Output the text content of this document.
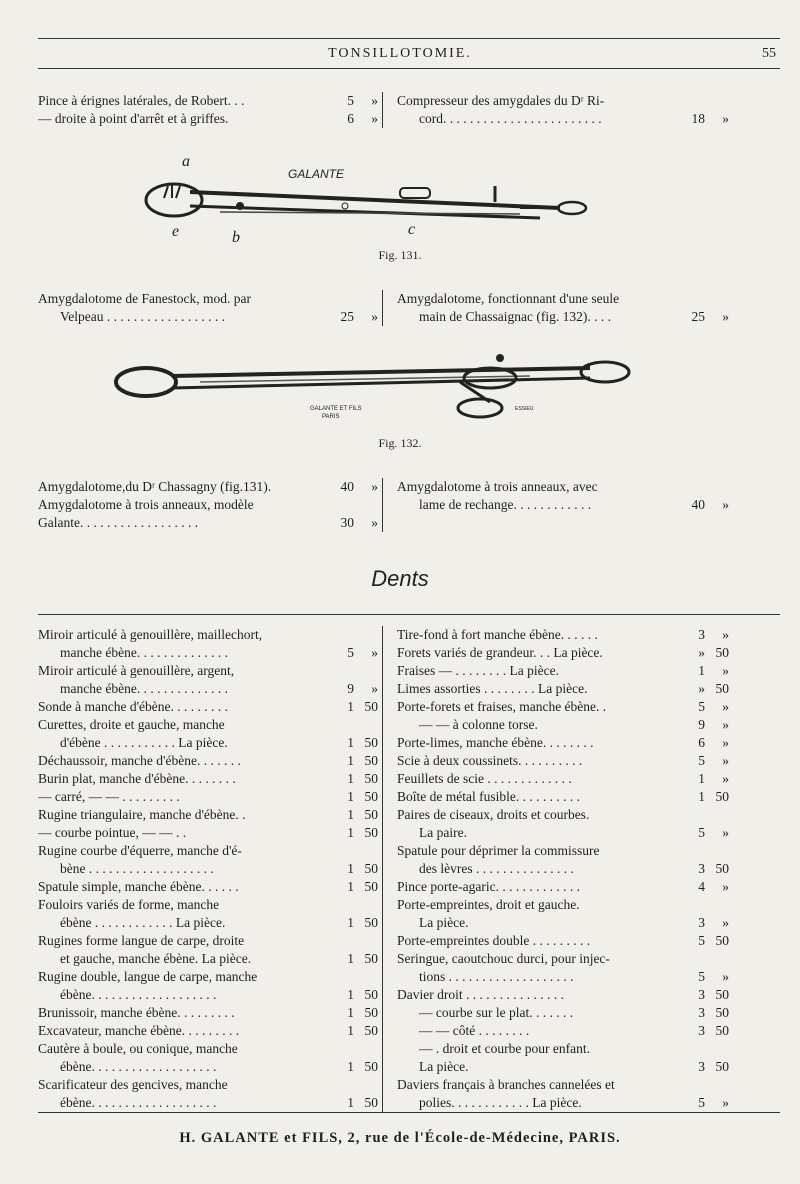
TONSILLOTOMIE.	55
Pince à érignes latérales, de Robert. . .	5	»
— droite à point d'arrêt et à griffes.	6	»
Compresseur des amygdales du Dʳ Ri-
cord. . . . . . . . . . . . . . . . . . . . . . . .	18	»
a
e	b	c
GALANTE
Fig. 131.
Amygdalotome de Fanestock, mod. par
Velpeau . . . . . . . . . . . . . . . . . .	25	»
Amygdalotome, fonctionnant d'une seule
main de Chassaignac (fig. 132). . . .	25	»
GALANTE ET FILS
PARIS
ESSIEU
Fig. 132.
Amygdalotome,du Dʳ Chassagny (fig.131).	40	»
Amygdalotome à trois anneaux, modèle
Galante. . . . . . . . . . . . . . . . . .	30	»
Amygdalotome à trois anneaux, avec
lame de rechange. . . . . . . . . . . .	40	»
Dents
Miroir articulé à genouillère, maillechort,
manche ébène. . . . . . . . . . . . . .	5	»
Miroir articulé à genouillère, argent,
manche ébène. . . . . . . . . . . . . .	9	»
Sonde à manche d'ébène. . . . . . . . .	1 50
Curettes, droite et gauche, manche
d'ébène . . . . . . . . . . . La pièce.	1 50
Déchaussoir, manche d'ébène. . . . . . .	1 50
Burin plat, manche d'ébène. . . . . . . .	1 50
— carré, — — . . . . . . . . .	1 50
Rugine triangulaire, manche d'ébène. .	1 50
— courbe pointue, — — . .	1 50
Rugine courbe d'équerre, manche d'é-
bène . . . . . . . . . . . . . . . . . . .	1 50
Spatule simple, manche ébène. . . . . .	1 50
Fouloirs variés de forme, manche
ébène . . . . . . . . . . . . La pièce.	1 50
Rugines forme langue de carpe, droite
et gauche, manche ébène. La pièce.	1 50
Rugine double, langue de carpe, manche
ébène. . . . . . . . . . . . . . . . . . .	1 50
Brunissoir, manche ébène. . . . . . . . .	1 50
Excavateur, manche ébène. . . . . . . . .	1 50
Cautère à boule, ou conique, manche
ébène. . . . . . . . . . . . . . . . . . .	1 50
Scarificateur des gencives, manche
ébène. . . . . . . . . . . . . . . . . . .	1 50
Tire-fond à fort manche ébène. . . . . .	3	»
Forets variés de grandeur. . . La pièce.	» 50
Fraises — . . . . . . . . La pièce.	1	»
Limes assorties . . . . . . . . La pièce.	» 50
Porte-forets et fraises, manche ébène. .	5	»
— — à colonne torse.	9	»
Porte-limes, manche ébène. . . . . . . .	6	»
Scie à deux coussinets. . . . . . . . . .	5	»
Feuillets de scie . . . . . . . . . . . . .	1	»
Boîte de métal fusible. . . . . . . . . .	1 50
Paires de ciseaux, droits et courbes.
La paire.	5	»
Spatule pour déprimer la commissure
des lèvres . . . . . . . . . . . . . . .	3 50
Pince porte-agaric. . . . . . . . . . . . .	4	»
Porte-empreintes, droit et gauche.
La pièce.	3	»
Porte-empreintes double . . . . . . . . .	5 50
Seringue, caoutchouc durci, pour injec-
tions . . . . . . . . . . . . . . . . . . .	5	»
Davier droit . . . . . . . . . . . . . . .	3 50
— courbe sur le plat. . . . . . .	3 50
— — côté . . . . . . . .	3 50
— . droit et courbe pour enfant.
La pièce.	3 50
Daviers français à branches cannelées et
polies. . . . . . . . . . . . La pièce.	5	»
H. GALANTE et FILS, 2, rue de l'École-de-Médecine, PARIS.
